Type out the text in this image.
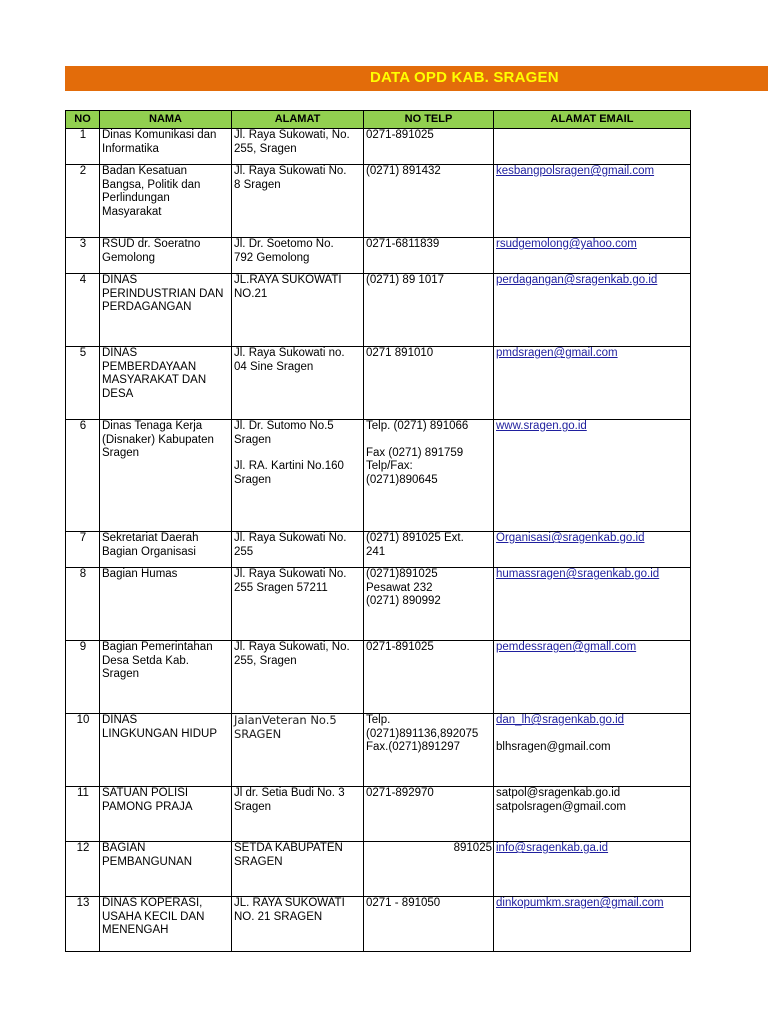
DATA OPD KAB. SRAGEN
NO	NAMA	ALAMAT	NO TELP	ALAMAT EMAIL
1	Dinas Komunikasi dan
Informatika	Jl. Raya Sukowati, No.
255, Sragen	0271-891025	

2	Badan Kesatuan
Bangsa, Politik dan
Perlindungan
Masyarakat	Jl. Raya Sukowati No.
8 Sragen	(0271) 891432	kesbangpolsragen@gmail.com

3	RSUD dr. Soeratno
Gemolong	Jl. Dr. Soetomo No.
792 Gemolong	0271-6811839	rsudgemolong@yahoo.com

4	DINAS
PERINDUSTRIAN DAN
PERDAGANGAN	JL.RAYA SUKOWATI
NO.21	(0271) 89 1017	perdagangan@sragenkab.go.id

5	DINAS
PEMBERDAYAAN
MASYARAKAT DAN
DESA	Jl. Raya Sukowati no.
04 Sine Sragen	0271 891010	pmdsragen@gmail.com

6	Dinas Tenaga Kerja
(Disnaker) Kabupaten
Sragen	Jl. Dr. Sutomo No.5
Sragen
Jl. RA. Kartini No.160
Sragen	Telp. (0271) 891066
Fax (0271) 891759
Telp/Fax:
(0271)890645	www.sragen.go.id

7	Sekretariat Daerah
Bagian Organisasi	Jl. Raya Sukowati No.
255	(0271) 891025 Ext.
241	Organisasi@sragenkab.go.id

8	Bagian Humas	Jl. Raya Sukowati No.
255 Sragen 57211	(0271)891025
Pesawat 232
(0271) 890992	humassragen@sragenkab.go.id

9	Bagian Pemerintahan
Desa Setda Kab.
Sragen	Jl. Raya Sukowati, No.
255, Sragen	0271-891025	pemdessragen@gmall.com

10	DINAS
LINGKUNGAN HIDUP	JalanVeteran No.5
SRAGEN	Telp.
(0271)891136,892075
Fax.(0271)891297	dan_lh@sragenkab.go.id
blhsragen@gmail.com

11	SATUAN POLISI
PAMONG PRAJA	Jl dr. Setia Budi No. 3
Sragen	0271-892970	satpol@sragenkab.go.id
satpolsragen@gmail.com

12	BAGIAN
PEMBANGUNAN	SETDA KABUPATEN
SRAGEN	891025	info@sragenkab.ga.id

13	DINAS KOPERASI,
USAHA KECIL DAN
MENENGAH	JL. RAYA SUKOWATI
NO. 21 SRAGEN	0271 - 891050	dinkopumkm.sragen@gmail.com
